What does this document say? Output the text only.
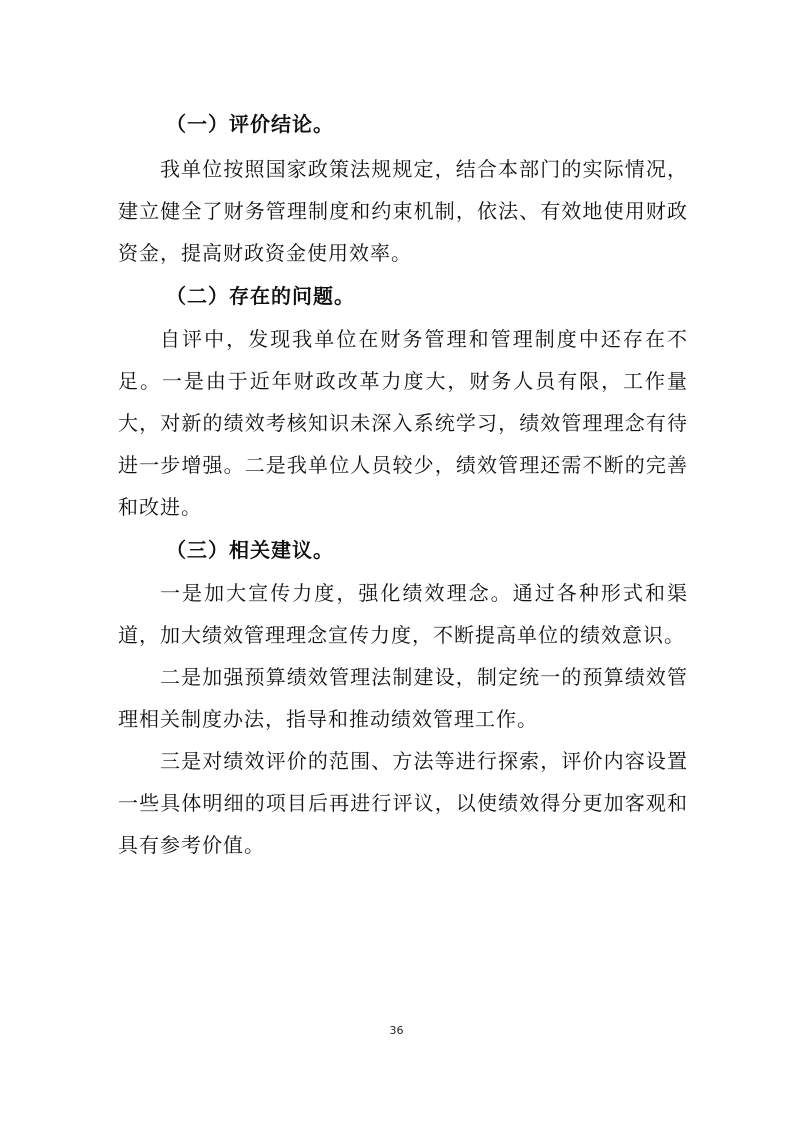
（一）评价结论。

我单位按照国家政策法规规定，结合本部门的实际情况，建立健全了财务管理制度和约束机制，依法、有效地使用财政资金，提高财政资金使用效率。

（二）存在的问题。

自评中，发现我单位在财务管理和管理制度中还存在不足。一是由于近年财政改革力度大，财务人员有限，工作量大，对新的绩效考核知识未深入系统学习，绩效管理理念有待进一步增强。二是我单位人员较少，绩效管理还需不断的完善和改进。

（三）相关建议。

一是加大宣传力度，强化绩效理念。通过各种形式和渠道，加大绩效管理理念宣传力度，不断提高单位的绩效意识。

二是加强预算绩效管理法制建设，制定统一的预算绩效管理相关制度办法，指导和推动绩效管理工作。

三是对绩效评价的范围、方法等进行探索，评价内容设置一些具体明细的项目后再进行评议，以使绩效得分更加客观和具有参考价值。

36
